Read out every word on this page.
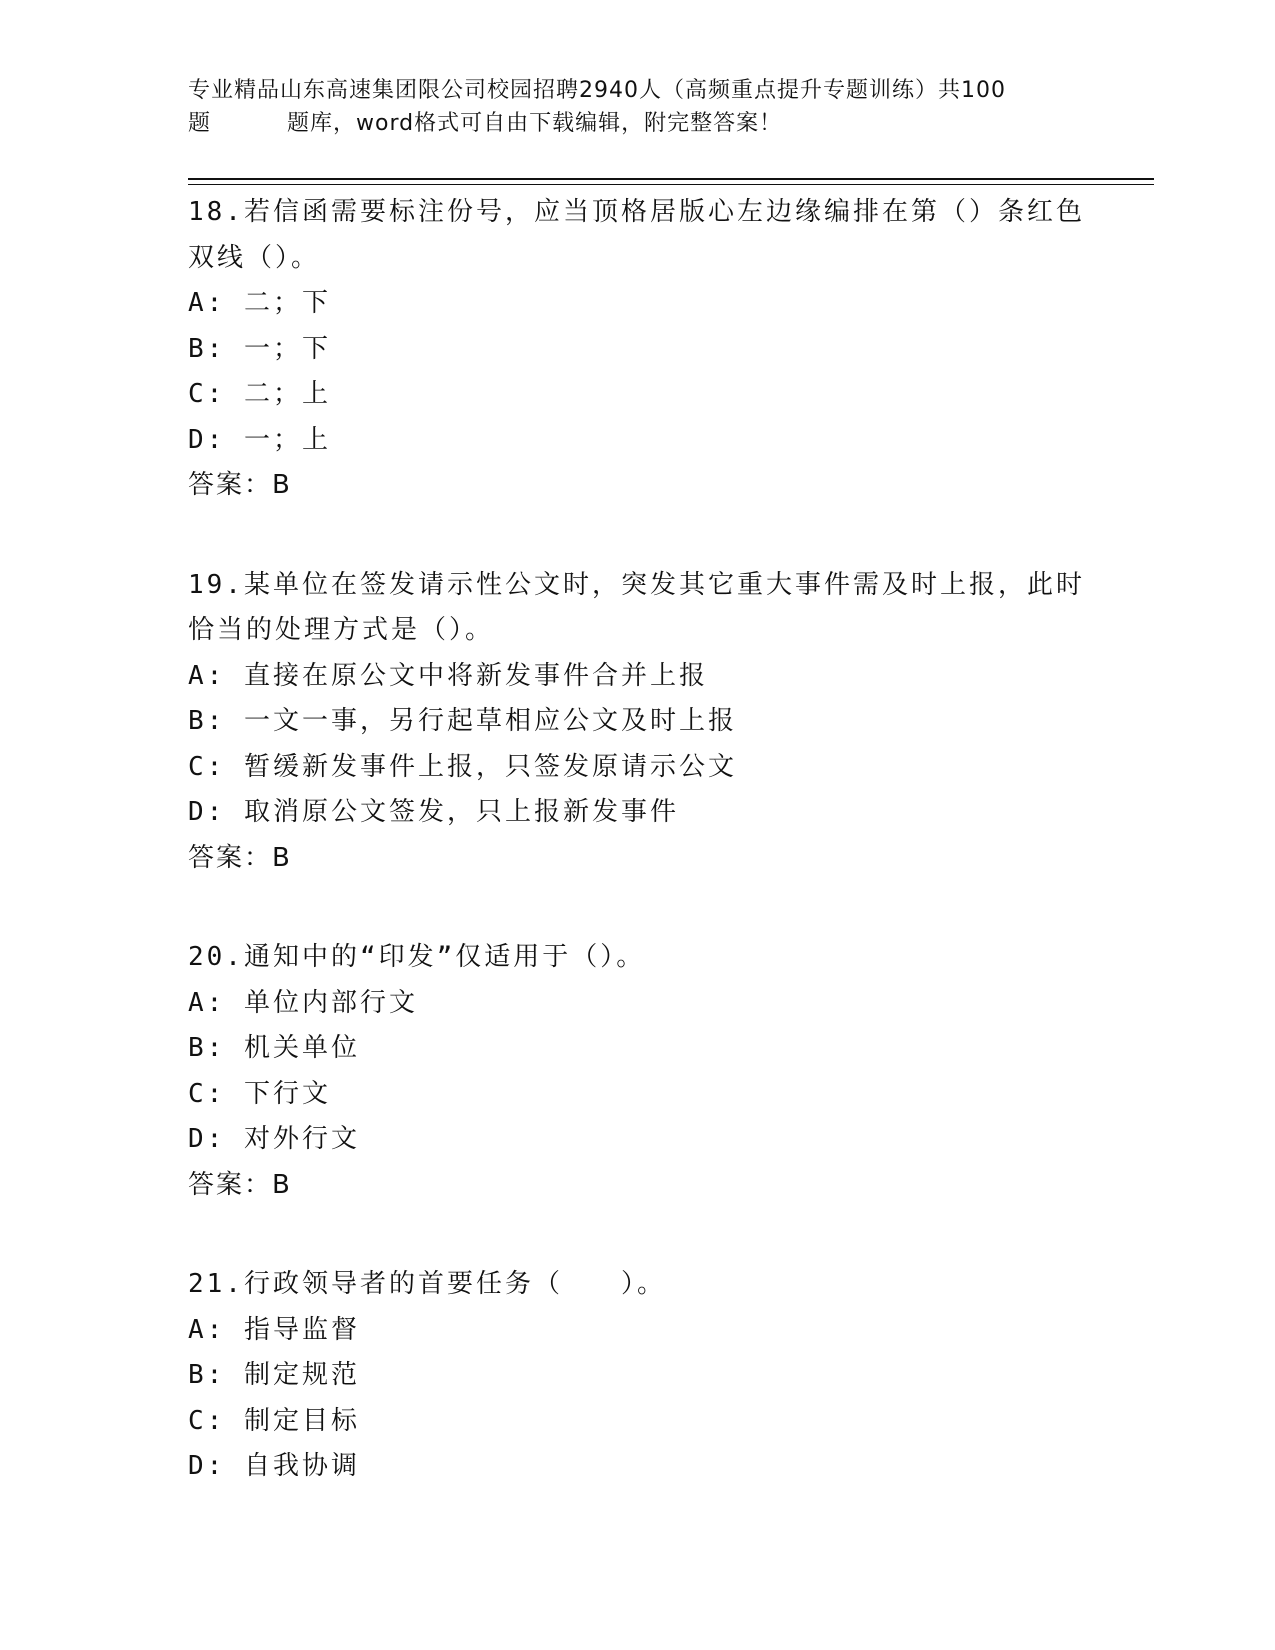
专业精品山东高速集团限公司校园招聘2940人（高频重点提升专题训练）共100
题	题库，word格式可自由下载编辑，附完整答案！
18.若信函需要标注份号，应当顶格居版心左边缘编排在第（）条红色
双线（）。
A: 二；下
B: 一；下
C: 二；上
D: 一；上
答案：B
19.某单位在签发请示性公文时，突发其它重大事件需及时上报，此时
恰当的处理方式是（）。
A: 直接在原公文中将新发事件合并上报
B: 一文一事，另行起草相应公文及时上报
C: 暂缓新发事件上报，只签发原请示公文
D: 取消原公文签发，只上报新发事件
答案：B
20.通知中的“印发”仅适用于（）。
A: 单位内部行文
B: 机关单位
C: 下行文
D: 对外行文
答案：B
21.行政领导者的首要任务（　　）。
A: 指导监督
B: 制定规范
C: 制定目标
D: 自我协调
